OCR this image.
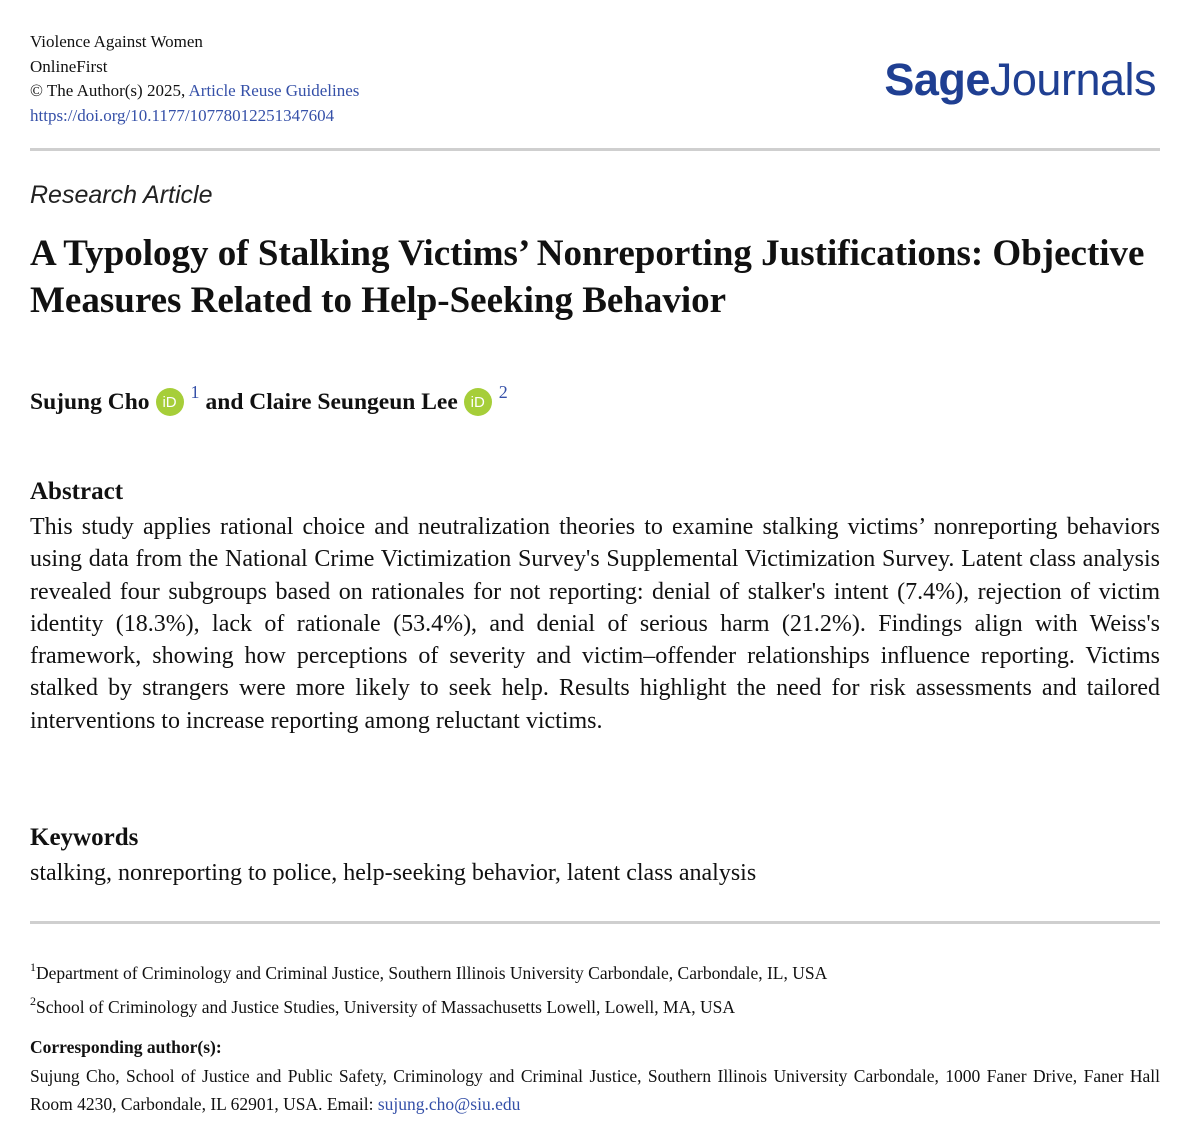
Violence Against Women
OnlineFirst
© The Author(s) 2025, Article Reuse Guidelines
https://doi.org/10.1177/10778012251347604
SageJournals
Research Article
A Typology of Stalking Victims’ Nonreporting Justifications: Objective Measures Related to Help-Seeking Behavior
Sujung Cho iD
1 and
Claire Seungeun Lee iD
2
Abstract

This study applies rational choice and neutralization theories to examine stalking victims’ nonreporting behaviors using data from the National Crime Victimization Survey's Supplemental Victimization Survey. Latent class analysis revealed four subgroups based on rationales for not reporting: denial of stalker's intent (7.4%), rejection of victim identity (18.3%), lack of rationale (53.4%), and denial of serious harm (21.2%). Findings align with Weiss's framework, showing how perceptions of severity and victim–offender relationships influence reporting. Victims stalked by strangers were more likely to seek help. Results highlight the need for risk assessments and tailored interventions to increase reporting among reluctant victims.

Keywords
stalking, nonreporting to police, help-seeking behavior, latent class analysis
$^1$Department of Criminology and Criminal Justice, Southern Illinois University Carbondale, Carbondale, IL, USA
$^2$School of Criminology and Justice Studies, University of Massachusetts Lowell, Lowell, MA, USA
Corresponding author(s):

Sujung Cho, School of Justice and Public Safety, Criminology and Criminal Justice, Southern Illinois University Carbondale, 1000 Faner Drive, Faner Hall Room 4230, Carbondale, IL 62901, USA. Email: sujung.cho@siu.edu
